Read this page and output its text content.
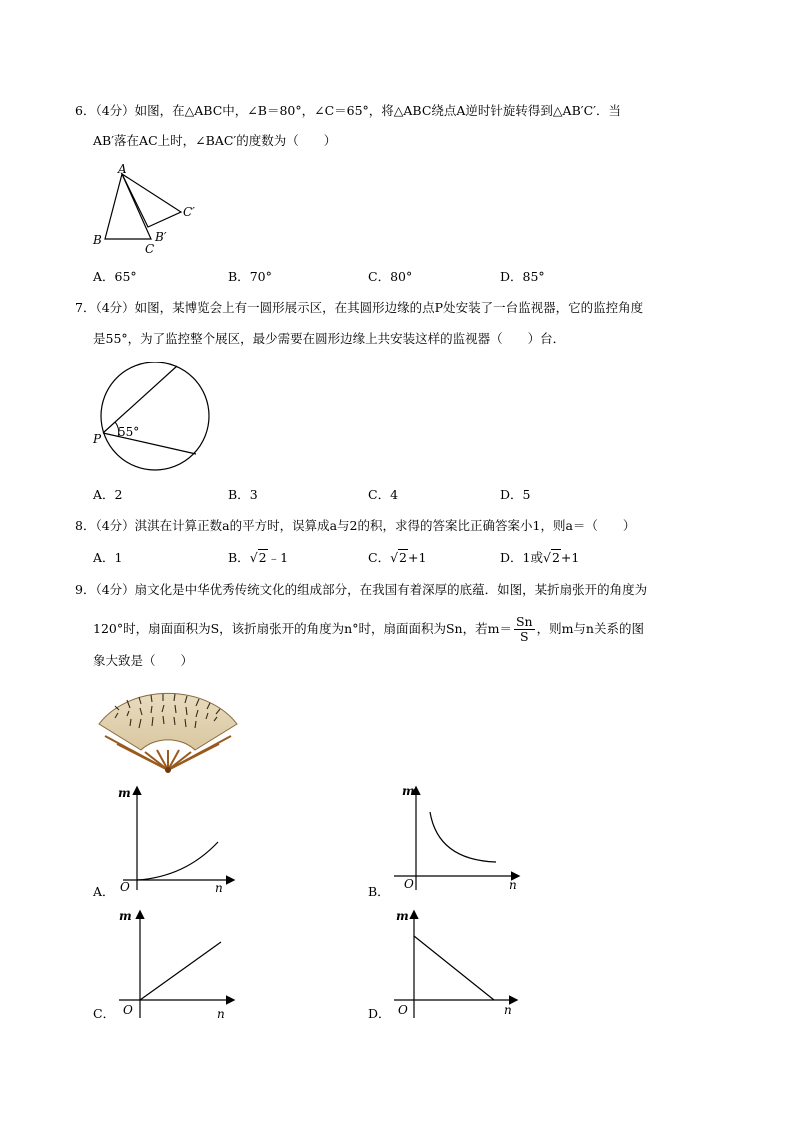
6．（4分）如图，在△ABC中，∠B＝80°，∠C＝65°，将△ABC绕点A逆时针旋转得到△AB′C′．当
AB′落在AC上时，∠BAC′的度数为（　　）
A
B
C
B′
C′
A．65°	B．70°	C．80°	D．85°
7．（4分）如图，某博览会上有一圆形展示区，在其圆形边缘的点P处安装了一台监视器，它的监控角度
是55°，为了监控整个展区，最少需要在圆形边缘上共安装这样的监视器（　　）台．
55°
P
A．2	B．3	C．4	D．5
8．（4分）淇淇在计算正数a的平方时，误算成a与2的积，求得的答案比正确答案小1，则a＝（　　）
A．1	B．√2﹣1	C．√2+1	D．1或√2+1
9．（4分）扇文化是中华优秀传统文化的组成部分，在我国有着深厚的底蕴．如图，某折扇张开的角度为
120°时，扇面面积为S，该折扇张开的角度为n°时，扇面面积为Sn，若$m= \frac{Sn}{S}$ ，则m与n关系的图
象大致是（　　）
m
n
O
A．
m
n
O
B．
m
n
O
C．
m
n
O
D．
